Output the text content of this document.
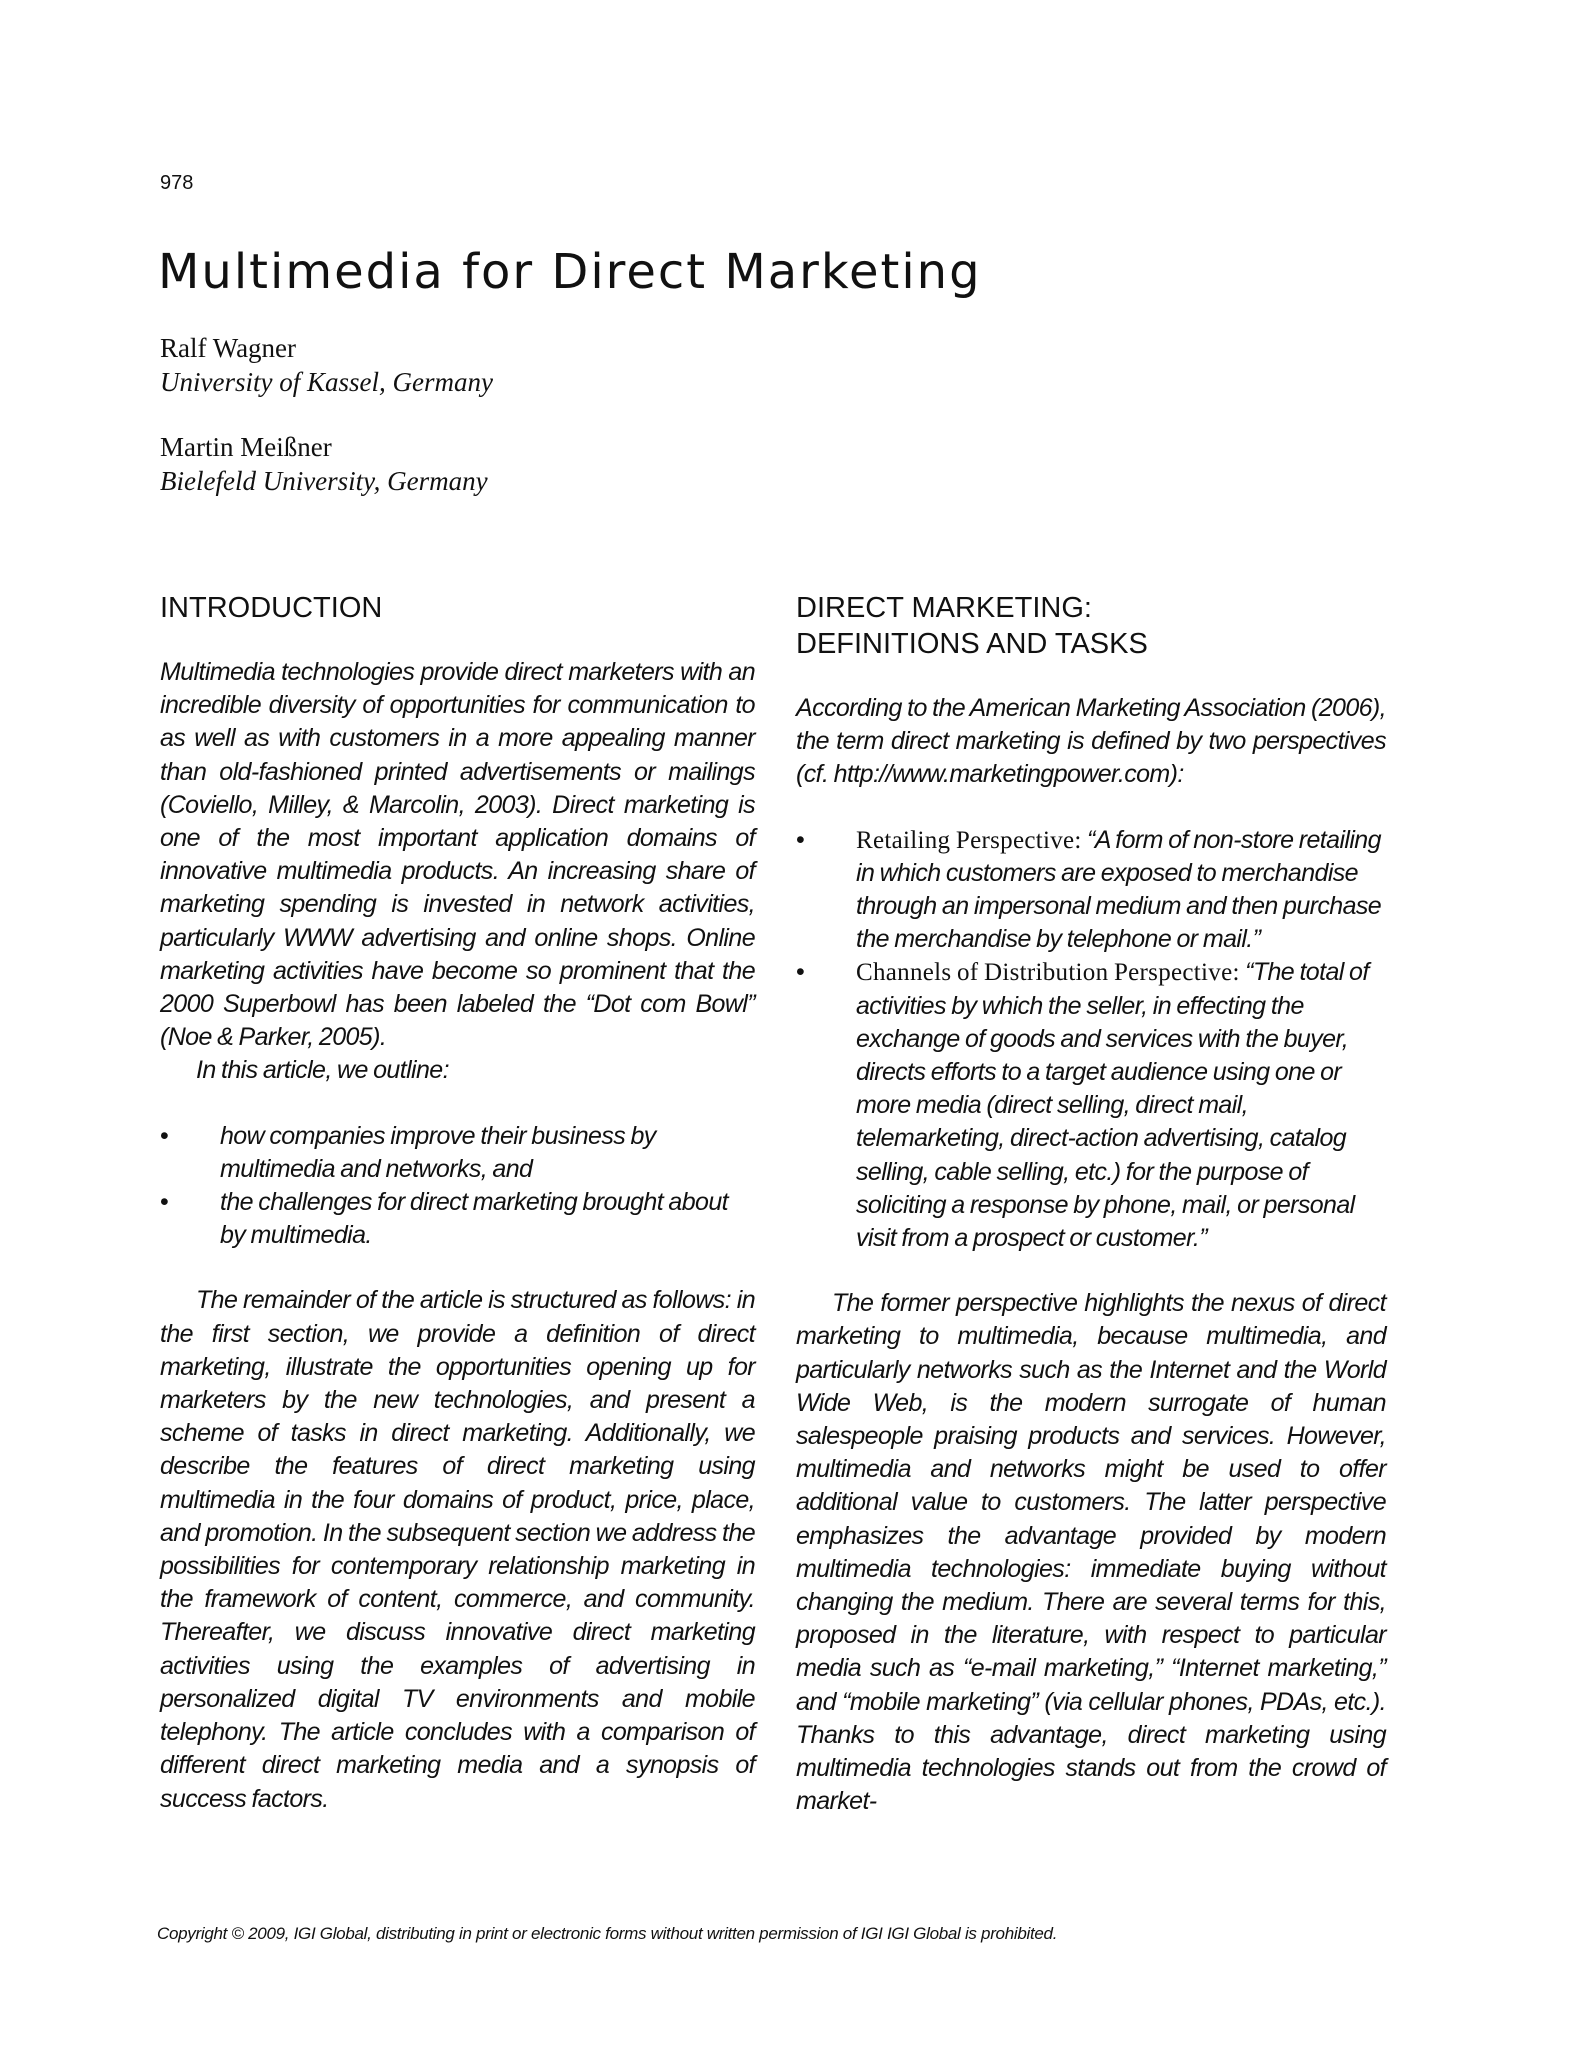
978
Multimedia for Direct Marketing
Ralf Wagner
University of Kassel, Germany
Martin Meißner
Bielefeld University, Germany
INTRODUCTION

Multimedia technologies provide direct marketers with an incredible diversity of opportunities for communication to as well as with customers in a more appealing manner than old-fashioned printed advertisements or mailings (Coviello, Milley, & Marcolin, 2003). Direct marketing is one of the most important application domains of innovative multimedia products. An increasing share of marketing spending is invested in network activities, particularly WWW advertising and online shops. Online marketing activities have become so prominent that the 2000 Superbowl has been labeled the “Dot com Bowl” (Noe & Parker, 2005).

In this article, we outline:

• how companies improve their business by multimedia and networks, and
• the challenges for direct marketing brought about by multimedia.

The remainder of the article is structured as follows: in the first section, we provide a definition of direct marketing, illustrate the opportunities opening up for marketers by the new technologies, and present a scheme of tasks in direct marketing. Additionally, we describe the features of direct marketing using multimedia in the four domains of product, price, place, and promotion. In the subsequent section we address the possibilities for contemporary relationship marketing in the framework of content, commerce, and community. Thereafter, we discuss innovative direct marketing activities using the examples of advertising in personalized digital TV environments and mobile telephony. The article concludes with a comparison of different direct marketing media and a synopsis of success factors.

DIRECT MARKETING:
DEFINITIONS AND TASKS

According to the American Marketing Association (2006), the term direct marketing is defined by two perspectives (cf. http://www.marketingpower.com):

• Retailing Perspective: “A form of non-store retailing in which customers are exposed to merchandise through an impersonal medium and then purchase the merchandise by telephone or mail.”
• Channels of Distribution Perspective: “The total of activities by which the seller, in effecting the exchange of goods and services with the buyer, directs efforts to a target audience using one or more media (direct selling, direct mail, telemarketing, direct-action advertising, catalog selling, cable selling, etc.) for the purpose of soliciting a response by phone, mail, or personal visit from a prospect or customer.”

The former perspective highlights the nexus of direct marketing to multimedia, because multimedia, and particularly networks such as the Internet and the World Wide Web, is the modern surrogate of human salespeople praising products and services. However, multimedia and networks might be used to offer additional value to customers. The latter perspective emphasizes the advantage provided by modern multimedia technologies: immediate buying without changing the medium. There are several terms for this, proposed in the literature, with respect to particular media such as “e-mail marketing,” “Internet marketing,” and “mobile marketing” (via cellular phones, PDAs, etc.). Thanks to this advantage, direct marketing using multimedia technologies stands out from the crowd of market-

Copyright © 2009, IGI Global, distributing in print or electronic forms without written permission of IGI IGI Global is prohibited.
